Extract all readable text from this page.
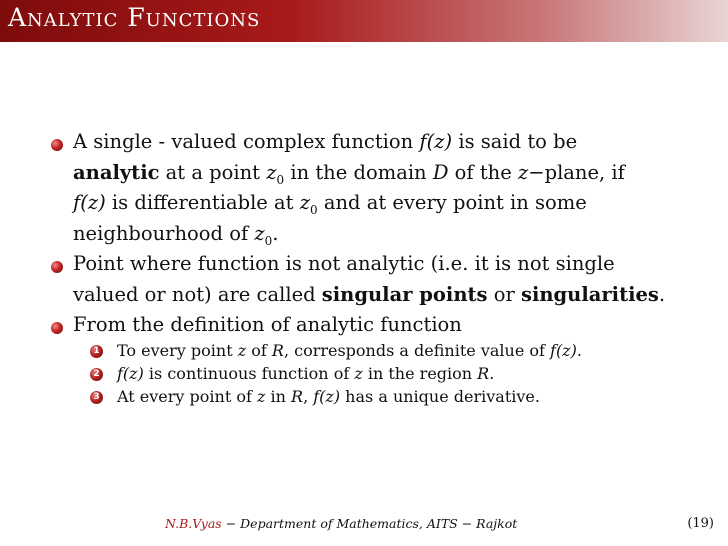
Analytic Functions
A single - valued complex function f(z) is said to be
analytic at a point $z_0$ in the domain D of the z−plane, if
f(z) is differentiable at $z_0$ and at every point in some
neighbourhood of $z_0$.
Point where function is not analytic (i.e. it is not single
valued or not) are called singular points or singularities.
From the definition of analytic function
1 To every point z of R, corresponds a definite value of f(z).
2 f(z) is continuous function of z in the region R.
3 At every point of z in R, f(z) has a unique derivative.
N.B.Vyas − Department of Mathematics, AITS − Rajkot	(19)
